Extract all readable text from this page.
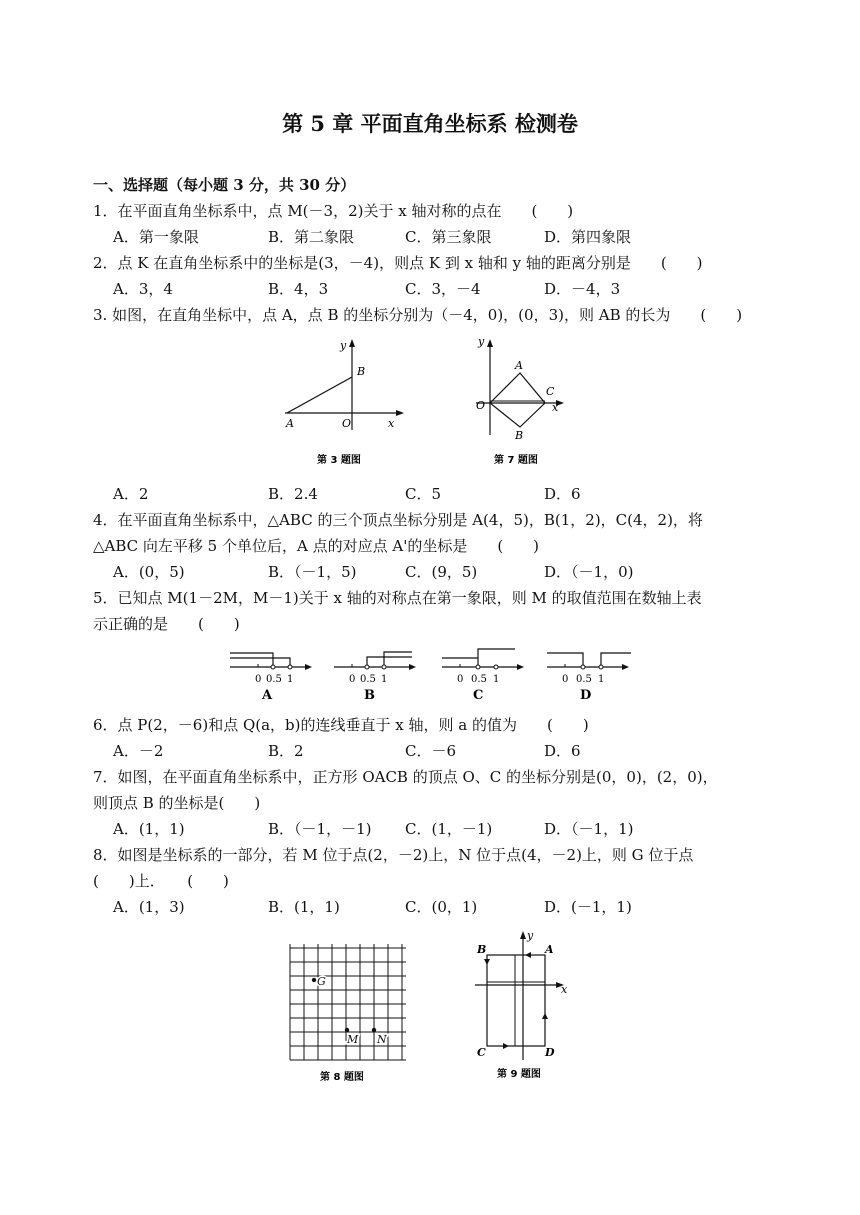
第 5 章 平面直角坐标系 检测卷
一、选择题（每小题 3 分，共 30 分）
1．在平面直角坐标系中，点 M(－3，2)关于 x 轴对称的点在　　(　　)
A．第一象限	B．第二象限	C．第三象限	D．第四象限
2．点 K 在直角坐标系中的坐标是(3，－4)，则点 K 到 x 轴和 y 轴的距离分别是　　(　　)
A．3，4	B．4，3	C．3，－4	D．－4，3
3. 如图，在直角坐标中，点 A，点 B 的坐标分别为（－4，0)，(0，3)，则 AB 的长为　　(　　)
y
B
A	O	x
第 3 题图
y
A
C
O	x
B
第 7 题图
A．2	B．2.4	C．5	D．6
4．在平面直角坐标系中，△ABC 的三个顶点坐标分别是 A(4，5)，B(1，2)，C(4，2)，将
△ABC 向左平移 5 个单位后，A 点的对应点 A'的坐标是　　(　　)
A．(0，5)	B．（－1，5)	C．(9，5)	D．（－1，0)
5．已知点 M(1－2M，M－1)关于 x 轴的对称点在第一象限，则 M 的取值范围在数轴上表
示正确的是　　(　　)
0 0.5 1
A
0 0.5 1
B
0 0.5 1
C
0 0.5 1
D
6．点 P(2，－6)和点 Q(a，b)的连线垂直于 x 轴，则 a 的值为　　(　　)
A．－2	B．2	C．－6	D．6
7．如图，在平面直角坐标系中，正方形 OACB 的顶点 O、C 的坐标分别是(0，0)，(2，0)，
则顶点 B 的坐标是(　　)
A．(1，1)	B．（－1，－1) C．(1，－1)	D．（－1，1)
8．如图是坐标系的一部分，若 M 位于点(2，－2)上，N 位于点(4，－2)上，则 G 位于点
(　　)上．　　(　　)
A．(1，3)	B．(1，1)	C．(0，1)	D．(－1，1)
G
M N
第 8 题图
B
y
A
x
C	D
第 9 题图
